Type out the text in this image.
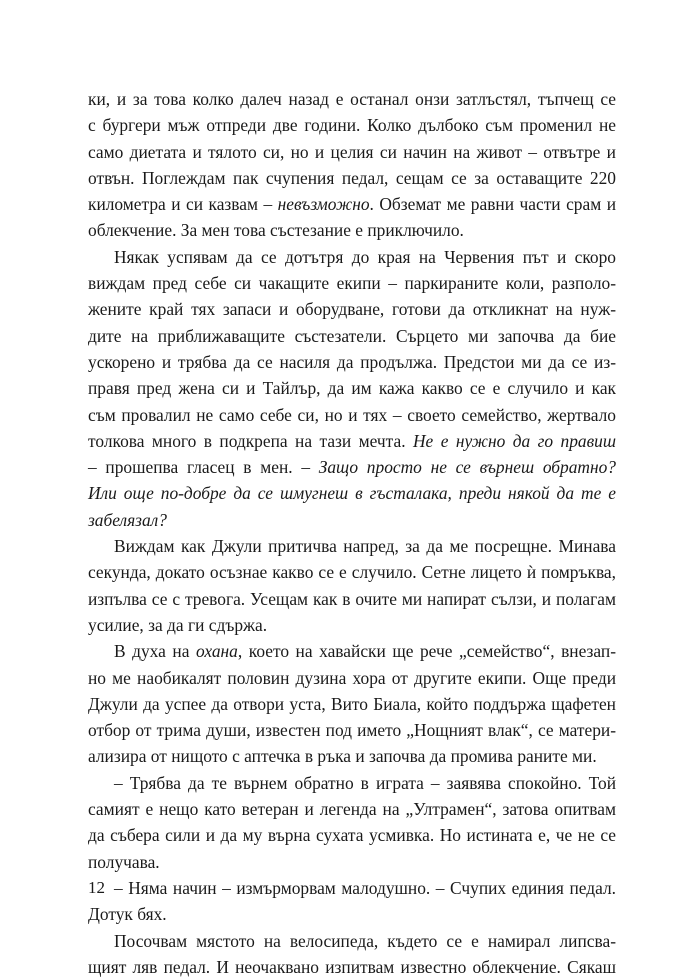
ки, и за това колко далеч назад е останал онзи затлъстял, тъпчещ се
с бургери мъж отпреди две години. Колко дълбоко съм променил не
само диетата и тялото си, но и целия си начин на живот – отвътре и
отвън. Поглеждам пак счупения педал, сещам се за оставащите 220
километра и си казвам – невъзможно. Обземат ме равни части срам и
облекчение. За мен това състезание е приключило.
Някак успявам да се дотътря до края на Червения път и скоро
виждам пред себе си чакащите екипи – паркираните коли, разполо-
жените край тях запаси и оборудване, готови да откликнат на нуж-
дите на приближаващите състезатели. Сърцето ми започва да бие
ускорено и трябва да се насиля да продължа. Предстои ми да се из-
правя пред жена си и Тайлър, да им кажа какво се е случило и как
съм провалил не само себе си, но и тях – своето семейство, жертвало
толкова много в подкрепа на тази мечта. Не е нужно да го правиш
– прошепва гласец в мен. – Защо просто не се върнеш обратно?
Или още по-добре да се шмугнеш в гъсталака, преди някой да те е
забелязал?
Виждам как Джули притичва напред, за да ме посрещне. Минава
секунда, докато осъзнае какво се е случило. Сетне лицето ѝ помръква,
изпълва се с тревога. Усещам как в очите ми напират сълзи, и полагам
усилие, за да ги сдържа.
В духа на охана, което на хавайски ще рече „семейство“, внезап-
но ме наобикалят половин дузина хора от другите екипи. Още преди
Джули да успее да отвори уста, Вито Биала, който поддържа щафетен
отбор от трима души, известен под името „Нощният влак“, се матери-
ализира от нищото с аптечка в ръка и започва да промива раните ми.
– Трябва да те върнем обратно в играта – заявява спокойно. Той
самият е нещо като ветеран и легенда на „Ултрамен“, затова опитвам
да събера сили и да му върна сухата усмивка. Но истината е, че не се
получава.
– Няма начин – измърморвам малодушно. – Счупих единия педал.
Дотук бях.
Посочвам мястото на велосипеда, където се е намирал липсва-
щият ляв педал. И неочаквано изпитвам известно облекчение. Сякаш
12
